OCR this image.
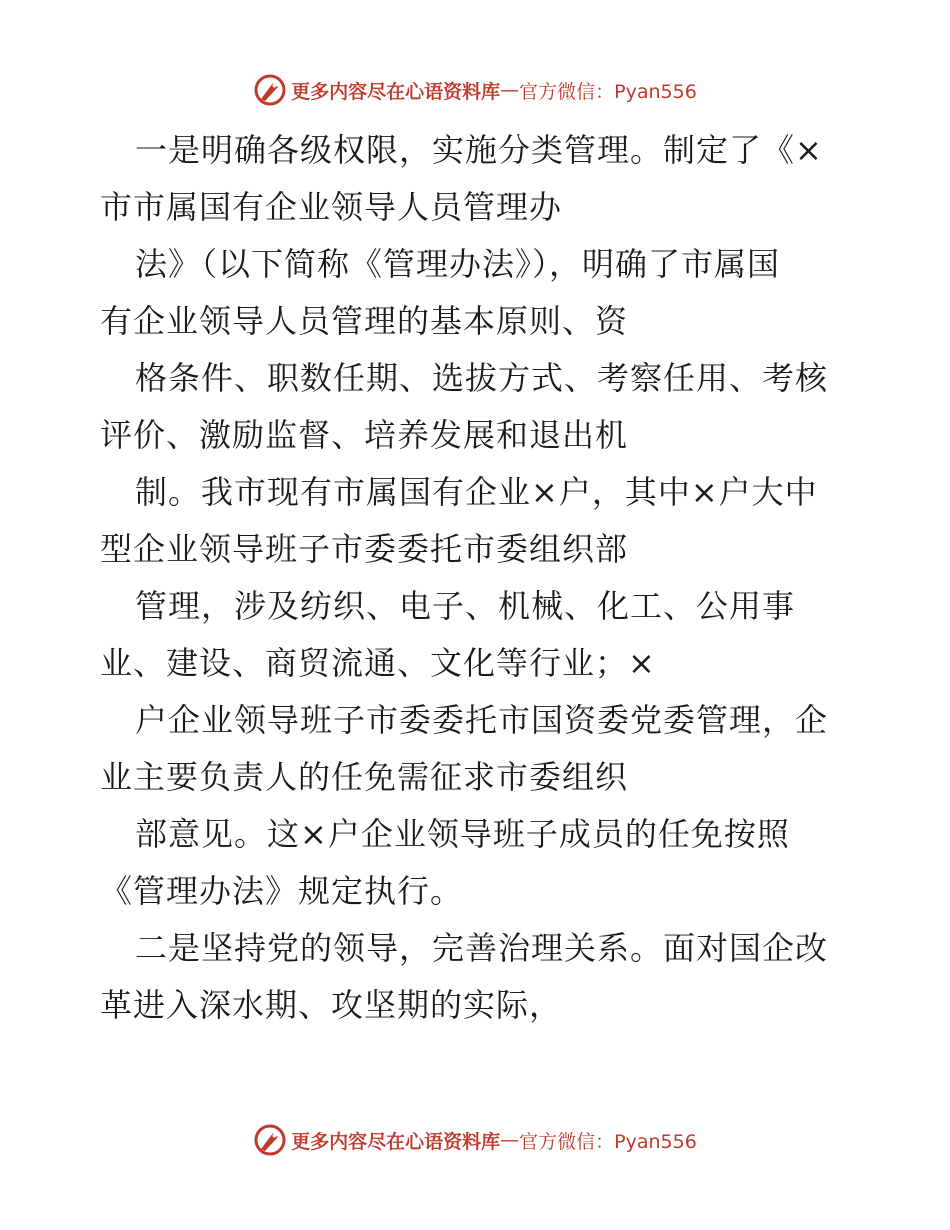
更多内容尽在心语资料库 — 官方微信：Pyan556
一是明确各级权限，实施分类管理。制定了《×
市市属国有企业领导人员管理办
法》（以下简称《管理办法》），明确了市属国
有企业领导人员管理的基本原则、资
格条件、职数任期、选拔方式、考察任用、考核
评价、激励监督、培养发展和退出机
制。我市现有市属国有企业×户，其中×户大中
型企业领导班子市委委托市委组织部
管理，涉及纺织、电子、机械、化工、公用事
业、建设、商贸流通、文化等行业；×
户企业领导班子市委委托市国资委党委管理，企
业主要负责人的任免需征求市委组织
部意见。这×户企业领导班子成员的任免按照
《管理办法》规定执行。
二是坚持党的领导，完善治理关系。面对国企改
革进入深水期、攻坚期的实际，
更多内容尽在心语资料库 — 官方微信：Pyan556
